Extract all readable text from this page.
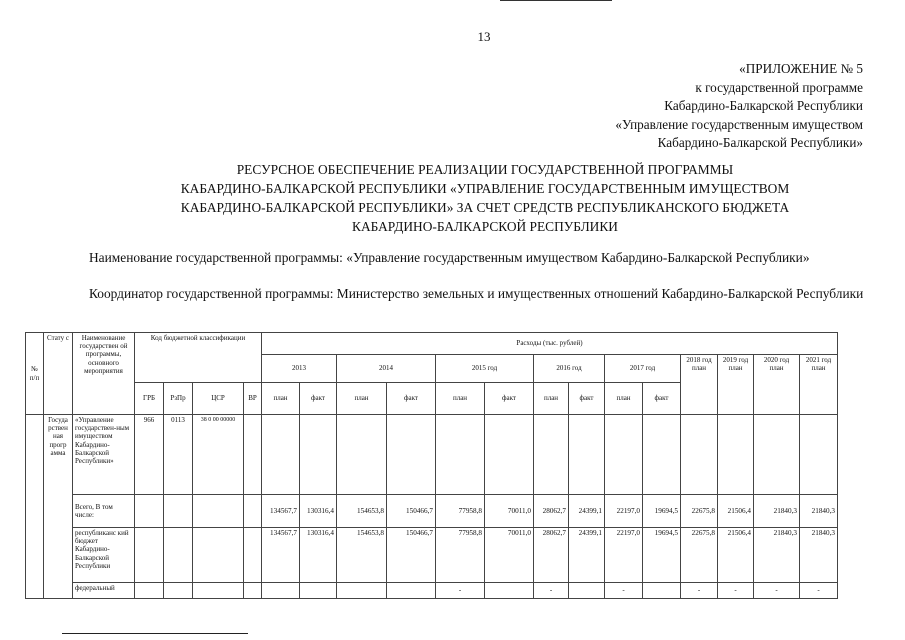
13
«ПРИЛОЖЕНИЕ № 5
к государственной программе
Кабардино-Балкарской Республики
«Управление государственным имуществом
Кабардино-Балкарской Республики»
РЕСУРСНОЕ ОБЕСПЕЧЕНИЕ РЕАЛИЗАЦИИ ГОСУДАРСТВЕННОЙ ПРОГРАММЫ
КАБАРДИНО-БАЛКАРСКОЙ РЕСПУБЛИКИ «УПРАВЛЕНИЕ ГОСУДАРСТВЕННЫМ ИМУЩЕСТВОМ
КАБАРДИНО-БАЛКАРСКОЙ РЕСПУБЛИКИ» ЗА СЧЕТ СРЕДСТВ РЕСПУБЛИКАНСКОГО БЮДЖЕТА
КАБАРДИНО-БАЛКАРСКОЙ РЕСПУБЛИКИ
Наименование государственной программы: «Управление государственным имуществом Кабардино-Балкарской Республики»
Координатор государственной программы: Министерство земельных и имущественных отношений Кабардино-Балкарской Республики
№ п/п	Стату с	Наименование государствен ой программы, основного мероприятия	Код бюджетной классификации				Расходы (тыс. рублей)													
							2013		2014		2015 год		2016 год		2017 год		2018 год план	2019 год план	2020 год план	2021 год план
			ГРБ	РзПр	ЦСР	ВР	план	факт	план	факт	план	факт	план	факт	план	факт				
	Госуда рствен ная прогр амма	«Управление государствен-ным имуществом Кабардино-Балкарской Республики»	966	0113	38 0 00 00000															
		Всего, В том числе:					134567,7	130316,4	154653,8	150466,7	77958,8	70011,0	28062,7	24399,1	22197,0	19694,5	22675,8	21506,4	21840,3	21840,3
		республиканс кий бюджет Кабардино-Балкарской Республики					134567,7	130316,4	154653,8	150466,7	77958,8	70011,0	28062,7	24399,1	22197,0	19694,5	22675,8	21506,4	21840,3	21840,3
		федеральный									-		-		-		-	-	-	-
